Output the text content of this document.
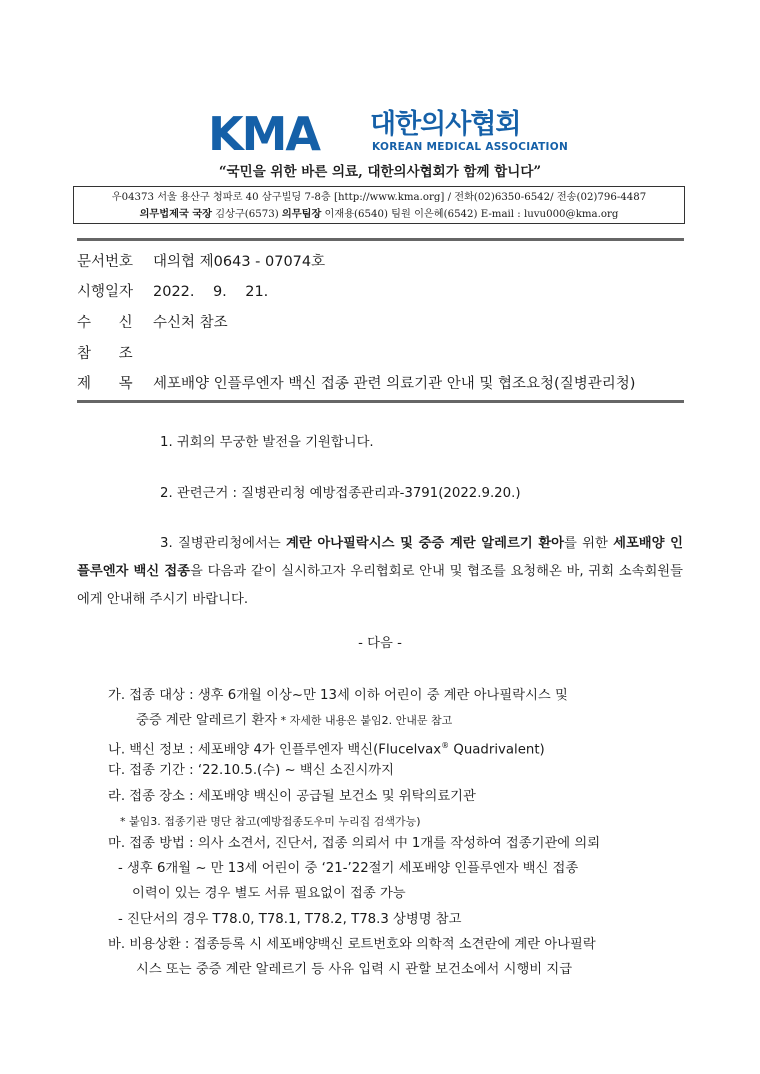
KMA 대한의사협회
KOREAN MEDICAL ASSOCIATION
“국민을 위한 바른 의료, 대한의사협회가 함께 합니다”
우04373 서울 용산구 청파로 40 삼구빌딩 7-8층 [http://www.kma.org] / 전화(02)6350-6542/ 전송(02)796-4487
의무법제국 국장 김상구(6573) 의무팀장 이재용(6540) 팀원 이은혜(6542) E-mail : luvu000@kma.org
문서번호 대의협 제0643 - 07074호
시행일자 2022.    9.    21.
수      신 수신처 참조
참      조
제      목 세포배양 인플루엔자 백신 접종 관련 의료기관 안내 및 협조요청(질병관리청)
1. 귀회의 무궁한 발전을 기원합니다.
2. 관련근거 : 질병관리청 예방접종관리과-3791(2022.9.20.)
3. 질병관리청에서는 계란 아나필락시스 및 중증 계란 알레르기 환아를 위한 세포배양 인플루엔자 백신 접종을 다음과 같이 실시하고자 우리협회로 안내 및 협조를 요청해온 바, 귀회 소속회원들에게 안내해 주시기 바랍니다.
- 다음 -
가. 접종 대상 : 생후 6개월 이상~만 13세 이하 어린이 중 계란 아나필락시스 및
중증 계란 알레르기 환자 * 자세한 내용은 붙임2. 안내문 참고
나. 백신 정보 : 세포배양 4가 인플루엔자 백신(Flucelvax® Quadrivalent)
다. 접종 기간 : ‘22.10.5.(수) ~ 백신 소진시까지
라. 접종 장소 : 세포배양 백신이 공급될 보건소 및 위탁의료기관
* 붙임3. 접종기관 명단 참고(예방접종도우미 누리집 검색가능)
마. 접종 방법 : 의사 소견서, 진단서, 접종 의뢰서 中 1개를 작성하여 접종기관에 의뢰
- 생후 6개월 ~ 만 13세 어린이 중 ‘21-’22절기 세포배양 인플루엔자 백신 접종
이력이 있는 경우 별도 서류 필요없이 접종 가능
- 진단서의 경우 T78.0, T78.1, T78.2, T78.3 상병명 참고
바. 비용상환 : 접종등록 시 세포배양백신 로트번호와 의학적 소견란에 계란 아나필락
시스 또는 중증 계란 알레르기 등 사유 입력 시 관할 보건소에서 시행비 지급
